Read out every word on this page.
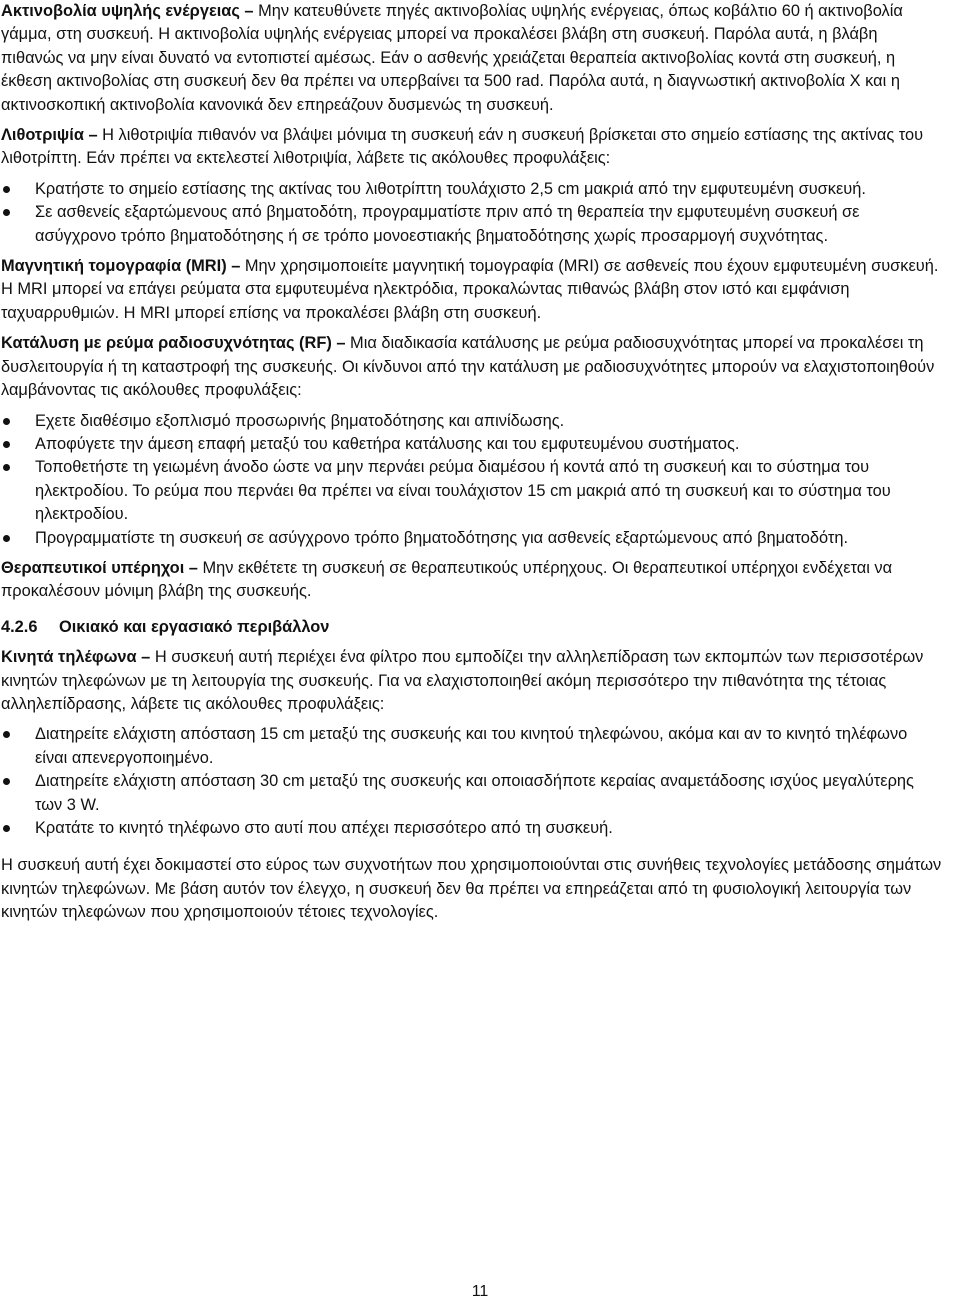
Ακτινοβολία υψηλής ενέργειας – Μην κατευθύνετε πηγές ακτινοβολίας υψηλής ενέργειας, όπως κοβάλτιο 60 ή ακτινοβολία γάμμα, στη συσκευή. Η ακτινοβολία υψηλής ενέργειας μπορεί να προκαλέσει βλάβη στη συσκευή. Παρόλα αυτά, η βλάβη πιθανώς να μην είναι δυνατό να εντοπιστεί αμέσως. Εάν ο ασθενής χρειάζεται θεραπεία ακτινοβολίας κοντά στη συσκευή, η έκθεση ακτινοβολίας στη συσκευή δεν θα πρέπει να υπερβαίνει τα 500 rad. Παρόλα αυτά, η διαγνωστική ακτινοβολία X και η ακτινοσκοπική ακτινοβολία κανονικά δεν επηρεάζουν δυσμενώς τη συσκευή.

Λιθοτριψία – Η λιθοτριψία πιθανόν να βλάψει μόνιμα τη συσκευή εάν η συσκευή βρίσκεται στο σημείο εστίασης της ακτίνας του λιθοτρίπτη. Εάν πρέπει να εκτελεστεί λιθοτριψία, λάβετε τις ακόλουθες προφυλάξεις:

Κρατήστε το σημείο εστίασης της ακτίνας του λιθοτρίπτη τουλάχιστο 2,5 cm μακριά από την εμφυτευμένη συσκευή.
Σε ασθενείς εξαρτώμενους από βηματοδότη, προγραμματίστε πριν από τη θεραπεία την εμφυτευμένη συσκευή σε ασύγχρονο τρόπο βηματοδότησης ή σε τρόπο μονοεστιακής βηματοδότησης χωρίς προσαρμογή συχνότητας.

Μαγνητική τομογραφία (MRI) – Μην χρησιμοποιείτε μαγνητική τομογραφία (MRI) σε ασθενείς που έχουν εμφυτευμένη συσκευή. Η MRI μπορεί να επάγει ρεύματα στα εμφυτευμένα ηλεκτρόδια, προκαλώντας πιθανώς βλάβη στον ιστό και εμφάνιση ταχυαρρυθμιών. Η MRI μπορεί επίσης να προκαλέσει βλάβη στη συσκευή.

Κατάλυση με ρεύμα ραδιοσυχνότητας (RF) – Μια διαδικασία κατάλυσης με ρεύμα ραδιοσυχνότητας μπορεί να προκαλέσει τη δυσλειτουργία ή τη καταστροφή της συσκευής. Οι κίνδυνοι από την κατάλυση με ραδιοσυχνότητες μπορούν να ελαχιστοποιηθούν λαμβάνοντας τις ακόλουθες προφυλάξεις:

Εχετε διαθέσιμο εξοπλισμό προσωρινής βηματοδότησης και απινίδωσης.
Αποφύγετε την άμεση επαφή μεταξύ του καθετήρα κατάλυσης και του εμφυτευμένου συστήματος.
Τοποθετήστε τη γειωμένη άνοδο ώστε να μην περνάει ρεύμα διαμέσου ή κοντά από τη συσκευή και το σύστημα του ηλεκτροδίου. Το ρεύμα που περνάει θα πρέπει να είναι τουλάχιστον 15 cm μακριά από τη συσκευή και το σύστημα του ηλεκτροδίου.
Προγραμματίστε τη συσκευή σε ασύγχρονο τρόπο βηματοδότησης για ασθενείς εξαρτώμενους από βηματοδότη.

Θεραπευτικοί υπέρηχοι – Μην εκθέτετε τη συσκευή σε θεραπευτικούς υπέρηχους. Οι θεραπευτικοί υπέρηχοι ενδέχεται να προκαλέσουν μόνιμη βλάβη της συσκευής.

4.2.6 Οικιακό και εργασιακό περιβάλλον

Κινητά τηλέφωνα – Η συσκευή αυτή περιέχει ένα φίλτρο που εμποδίζει την αλληλεπίδραση των εκπομπών των περισσοτέρων κινητών τηλεφώνων με τη λειτουργία της συσκευής. Για να ελαχιστοποιηθεί ακόμη περισσότερο την πιθανότητα της τέτοιας αλληλεπίδρασης, λάβετε τις ακόλουθες προφυλάξεις:

Διατηρείτε ελάχιστη απόσταση 15 cm μεταξύ της συσκευής και του κινητού τηλεφώνου, ακόμα και αν το κινητό τηλέφωνο είναι απενεργοποιημένο.
Διατηρείτε ελάχιστη απόσταση 30 cm μεταξύ της συσκευής και οποιασδήποτε κεραίας αναμετάδοσης ισχύος μεγαλύτερης των 3 W.
Κρατάτε το κινητό τηλέφωνο στο αυτί που απέχει περισσότερο από τη συσκευή.

Η συσκευή αυτή έχει δοκιμαστεί στο εύρος των συχνοτήτων που χρησιμοποιούνται στις συνήθεις τεχνολογίες μετάδοσης σημάτων κινητών τηλεφώνων. Με βάση αυτόν τον έλεγχο, η συσκευή δεν θα πρέπει να επηρεάζεται από τη φυσιολογική λειτουργία των κινητών τηλεφώνων που χρησιμοποιούν τέτοιες τεχνολογίες.

11
